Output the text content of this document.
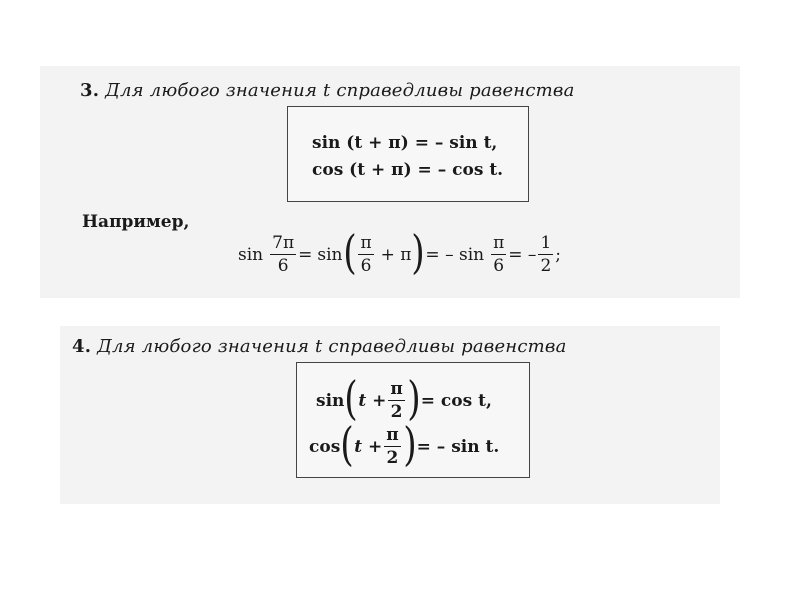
3. Для любого значения t справедливы равенства
sin (t + π) = – sin t,
cos (t + π) = – cos t.
Например,
$\sin \frac{7\pi}{6} = \sin$ ( $\frac{\pi}{6} + \pi$ ) = – $\sin \frac{\pi}{6}$ = – $\frac{1}{2}$ ;
4. Для любого значения t справедливы равенства
sin ( $t + \frac{\pi}{2}$ ) = cos t,
cos ( $t + \frac{\pi}{2}$ ) = – sin t.
